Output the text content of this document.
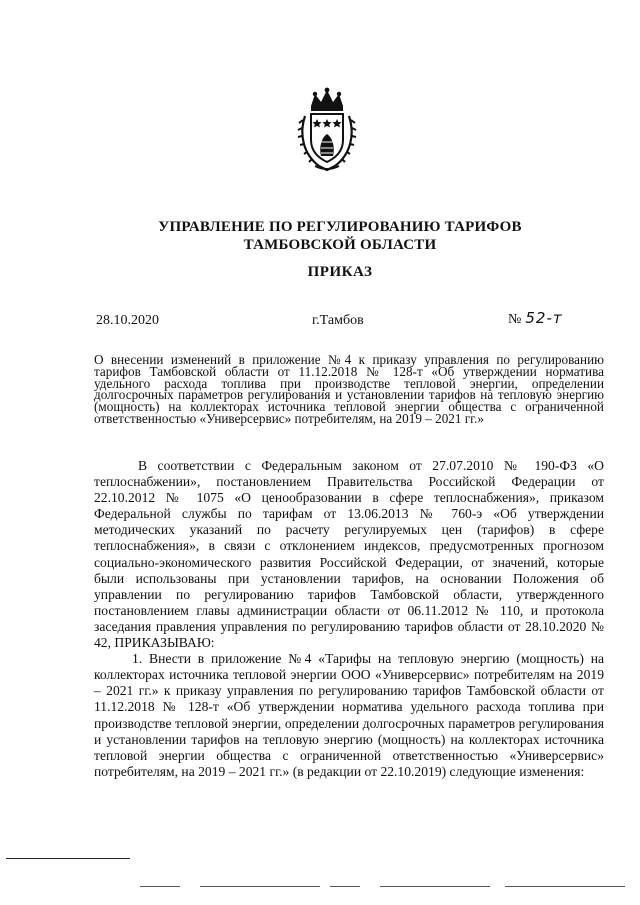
УПРАВЛЕНИЕ ПО РЕГУЛИРОВАНИЮ ТАРИФОВ
ТАМБОВСКОЙ ОБЛАСТИ
ПРИКАЗ
28.10.2020	г.Тамбов	№ 52-т
О внесении изменений в приложение №4 к приказу управления по регулированию тарифов Тамбовской области от 11.12.2018 № 128-т «Об утверждении норматива удельного расхода топлива при производстве тепловой энергии, определении долгосрочных параметров регулирования и установлении тарифов на тепловую энергию (мощность) на коллекторах источника тепловой энергии общества с ограниченной ответственностью «Универсервис» потребителям, на 2019 – 2021 гг.»

В соответствии с Федеральным законом от 27.07.2010 № 190-ФЗ «О теплоснабжении», постановлением Правительства Российской Федерации от 22.10.2012 № 1075 «О ценообразовании в сфере теплоснабжения», приказом Федеральной службы по тарифам от 13.06.2013 № 760-э «Об утверждении методических указаний по расчету регулируемых цен (тарифов) в сфере теплоснабжения», в связи с отклонением индексов, предусмотренных прогнозом социально-экономического развития Российской Федерации, от значений, которые были использованы при установлении тарифов, на основании Положения об управлении по регулированию тарифов Тамбовской области, утвержденного постановлением главы администрации области от 06.11.2012 № 110, и протокола заседания правления управления по регулированию тарифов области от 28.10.2020 № 42, ПРИКАЗЫВАЮ:

1. Внести в приложение №4 «Тарифы на тепловую энергию (мощность) на коллекторах источника тепловой энергии ООО «Универсервис» потребителям на 2019 – 2021 гг.» к приказу управления по регулированию тарифов Тамбовской области от 11.12.2018 № 128-т «Об утверждении норматива удельного расхода топлива при производстве тепловой энергии, определении долгосрочных параметров регулирования и установлении тарифов на тепловую энергию (мощность) на коллекторах источника тепловой энергии общества с ограниченной ответственностью «Универсервис» потребителям, на 2019 – 2021 гг.» (в редакции от 22.10.2019) следующие изменения:
